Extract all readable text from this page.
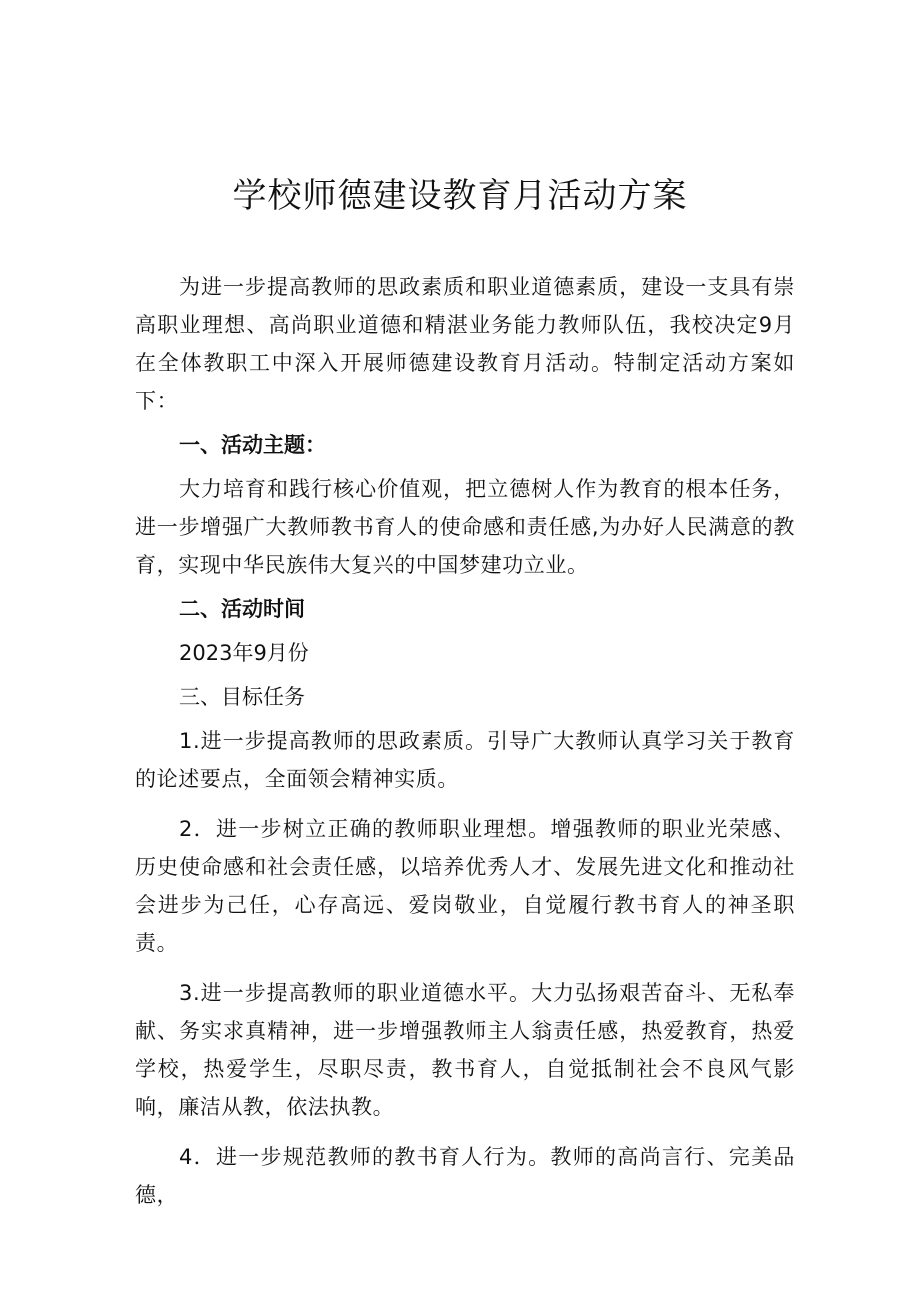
学校师德建设教育月活动方案

为进一步提高教师的思政素质和职业道德素质，建设一支具有崇高职业理想、高尚职业道德和精湛业务能力教师队伍，我校决定9月在全体教职工中深入开展师德建设教育月活动。特制定活动方案如下：

一、活动主题：

大力培育和践行核心价值观，把立德树人作为教育的根本任务，进一步增强广大教师教书育人的使命感和责任感,为办好人民满意的教育，实现中华民族伟大复兴的中国梦建功立业。

二、活动时间

2023年9月份

三、目标任务

1.进一步提高教师的思政素质。引导广大教师认真学习关于教育的论述要点，全面领会精神实质。

2．进一步树立正确的教师职业理想。增强教师的职业光荣感、历史使命感和社会责任感，以培养优秀人才、发展先进文化和推动社会进步为己任，心存高远、爱岗敬业，自觉履行教书育人的神圣职责。

3.进一步提高教师的职业道德水平。大力弘扬艰苦奋斗、无私奉献、务实求真精神，进一步增强教师主人翁责任感，热爱教育，热爱学校，热爱学生，尽职尽责，教书育人，自觉抵制社会不良风气影响，廉洁从教，依法执教。

4．进一步规范教师的教书育人行为。教师的高尚言行、完美品德，
